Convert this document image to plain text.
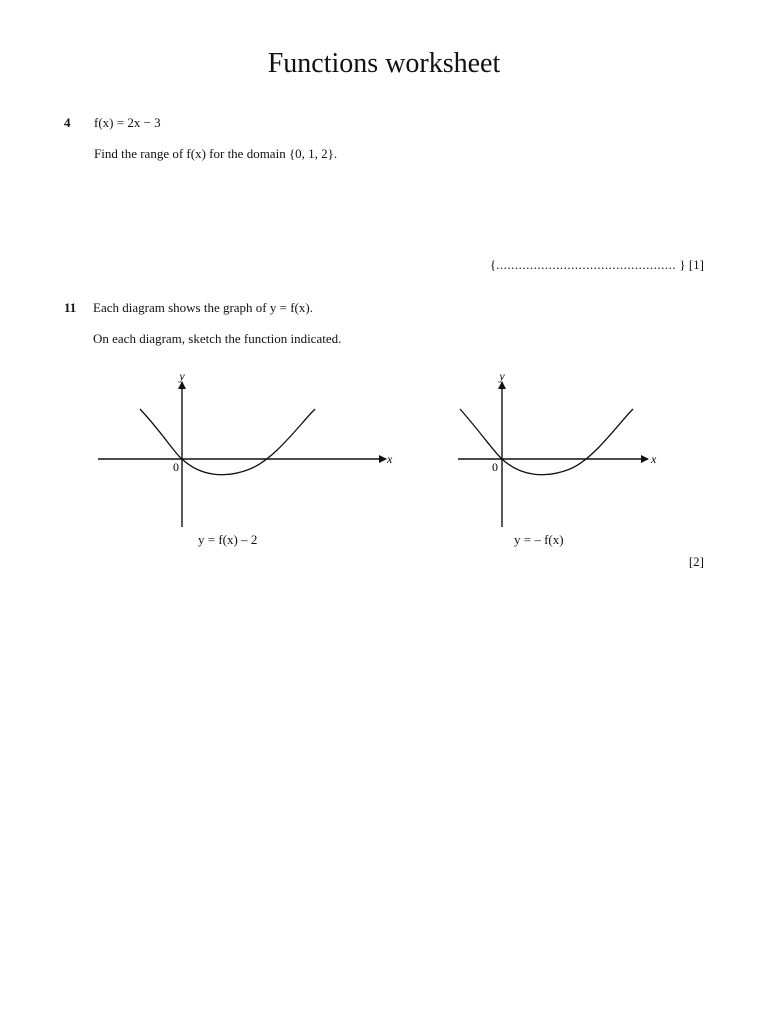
Functions worksheet
4 f(x) = 2x − 3
Find the range of f(x) for the domain {0, 1, 2}.
{................................................ } [1]
11 Each diagram shows the graph of y = f(x).
On each diagram, sketch the function indicated.
y
x
0
y = f(x) – 2
y
x
0
y = – f(x)
[2]
